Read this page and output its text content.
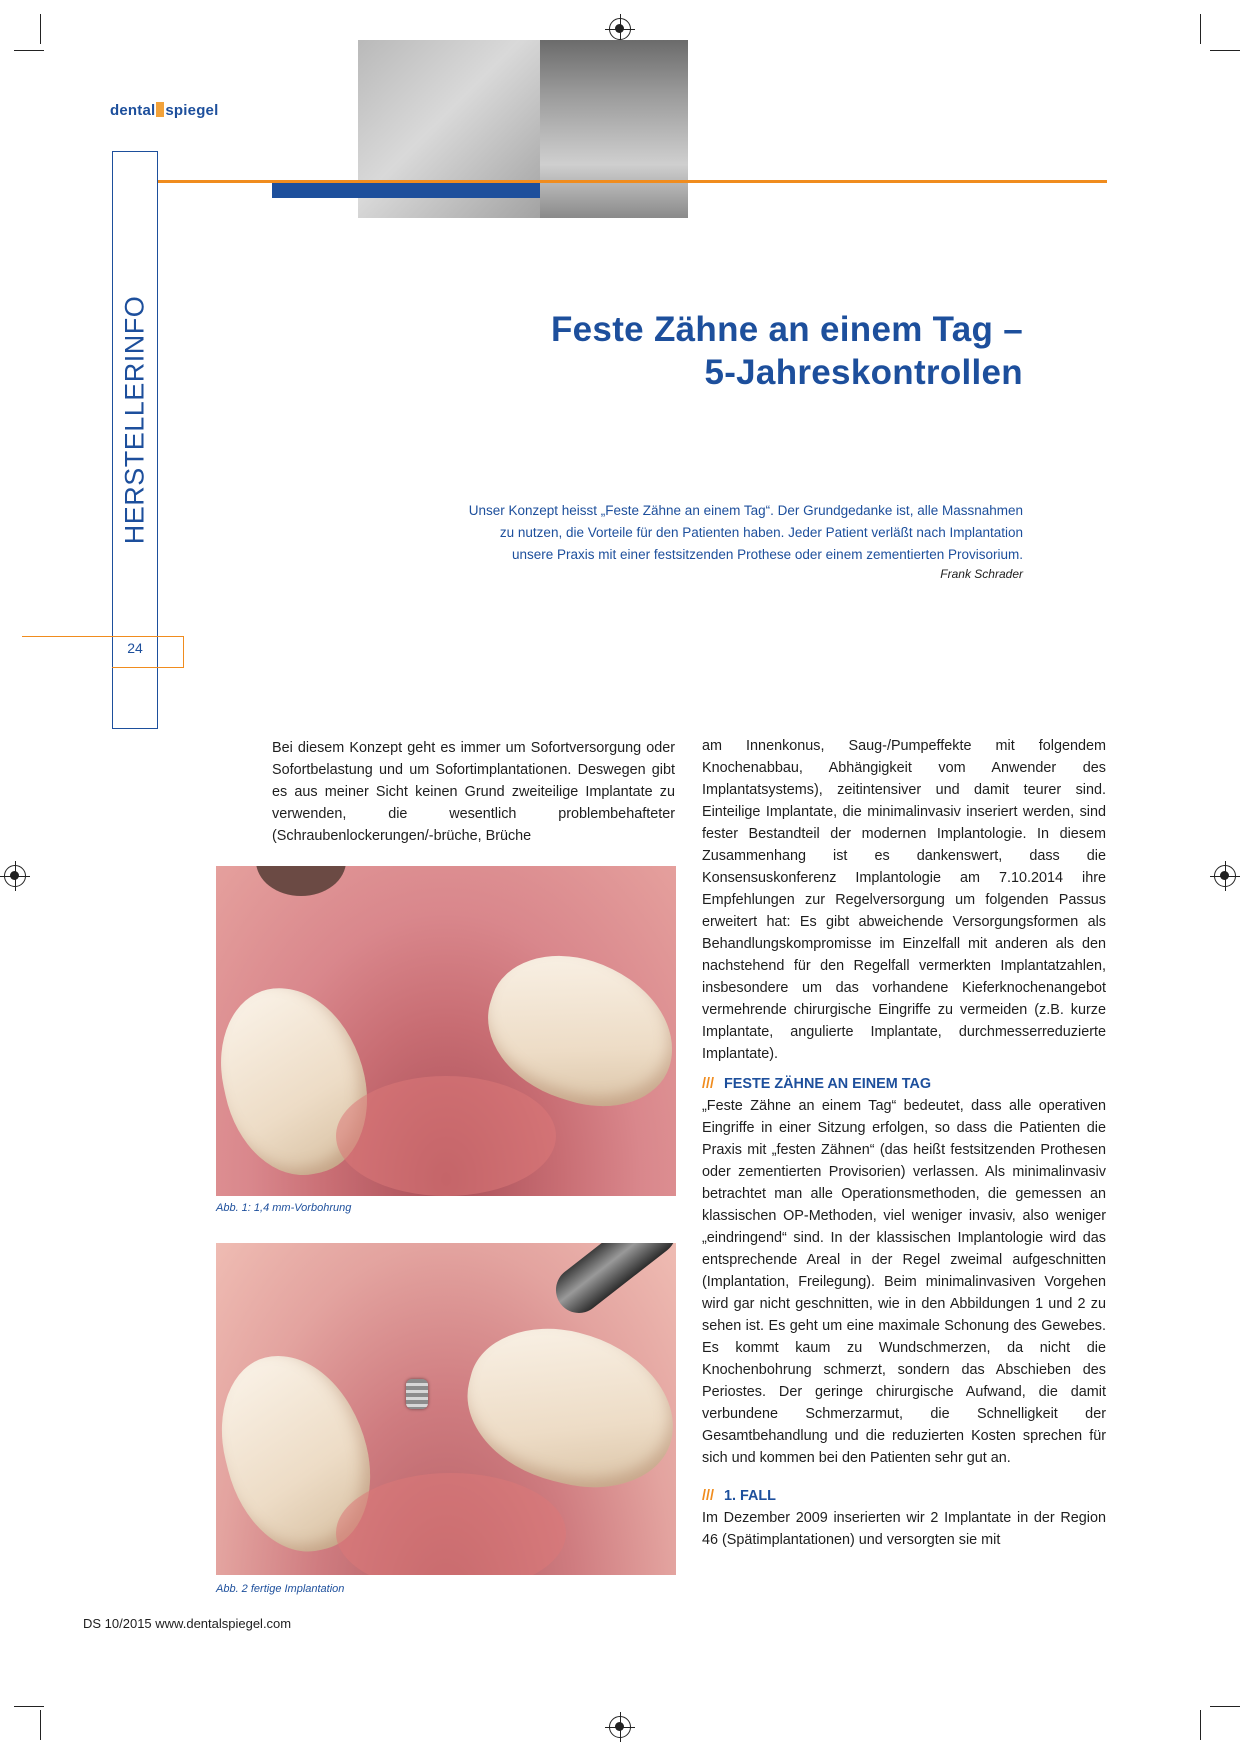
dental spiegel
HERSTELLERINFO
24
Feste Zähne an einem Tag –
5-Jahreskontrollen
Unser Konzept heisst „Feste Zähne an einem Tag“. Der Grundgedanke ist, alle Massnahmen
zu nutzen, die Vorteile für den Patienten haben. Jeder Patient verläßt nach Implantation
unsere Praxis mit einer festsitzenden Prothese oder einem zementierten Provisorium.
Frank Schrader

Bei diesem Konzept geht es immer um Sofortversorgung oder Sofortbelastung und um Sofortimplantationen. Deswegen gibt es aus meiner Sicht keinen Grund zweiteilige Implantate zu verwenden, die wesentlich problembehafteter (Schraubenlockerungen/-brüche, Brüche

Abb. 1: 1,4 mm-Vorbohrung
Abb. 2 fertige Implantation

am Innenkonus, Saug-/Pumpeffekte mit folgendem Knochenabbau, Abhängigkeit vom Anwender des Implantatsystems), zeitintensiver und damit teurer sind. Einteilige Implantate, die minimalinvasiv inseriert werden, sind fester Bestandteil der modernen Implantologie. In diesem Zusammenhang ist es dankenswert, dass die Konsensuskonferenz Implantologie am 7.10.2014 ihre Empfehlungen zur Regelversorgung um folgenden Passus erweitert hat: Es gibt abweichende Versorgungsformen als Behandlungskompromisse im Einzelfall mit anderen als den nachstehend für den Regelfall vermerkten Implantatzahlen, insbesondere um das vorhandene Kieferknochenangebot vermehrende chirurgische Eingriffe zu vermeiden (z.B. kurze Implantate, angulierte Implantate, durchmesserreduzierte Implantate).

/// FESTE ZÄHNE AN EINEM TAG

„Feste Zähne an einem Tag“ bedeutet, dass alle operativen Eingriffe in einer Sitzung erfolgen, so dass die Patienten die Praxis mit „festen Zähnen“ (das heißt festsitzenden Prothesen oder zementierten Provisorien) verlassen. Als minimalinvasiv betrachtet man alle Operationsmethoden, die gemessen an klassischen OP-Methoden, viel weniger invasiv, also weniger „eindringend“ sind. In der klassischen Implantologie wird das entsprechende Areal in der Regel zweimal aufgeschnitten (Implantation, Freilegung). Beim minimalinvasiven Vorgehen wird gar nicht geschnitten, wie in den Abbildungen 1 und 2 zu sehen ist. Es geht um eine maximale Schonung des Gewebes. Es kommt kaum zu Wundschmerzen, da nicht die Knochenbohrung schmerzt, sondern das Abschieben des Periostes. Der geringe chirurgische Aufwand, die damit verbundene Schmerzarmut, die Schnelligkeit der Gesamtbehandlung und die reduzierten Kosten sprechen für sich und kommen bei den Patienten sehr gut an.

/// 1. FALL

Im Dezember 2009 inserierten wir 2 Implantate in der Region 46 (Spätimplantationen) und versorgten sie mit

DS 10/2015 www.dentalspiegel.com
